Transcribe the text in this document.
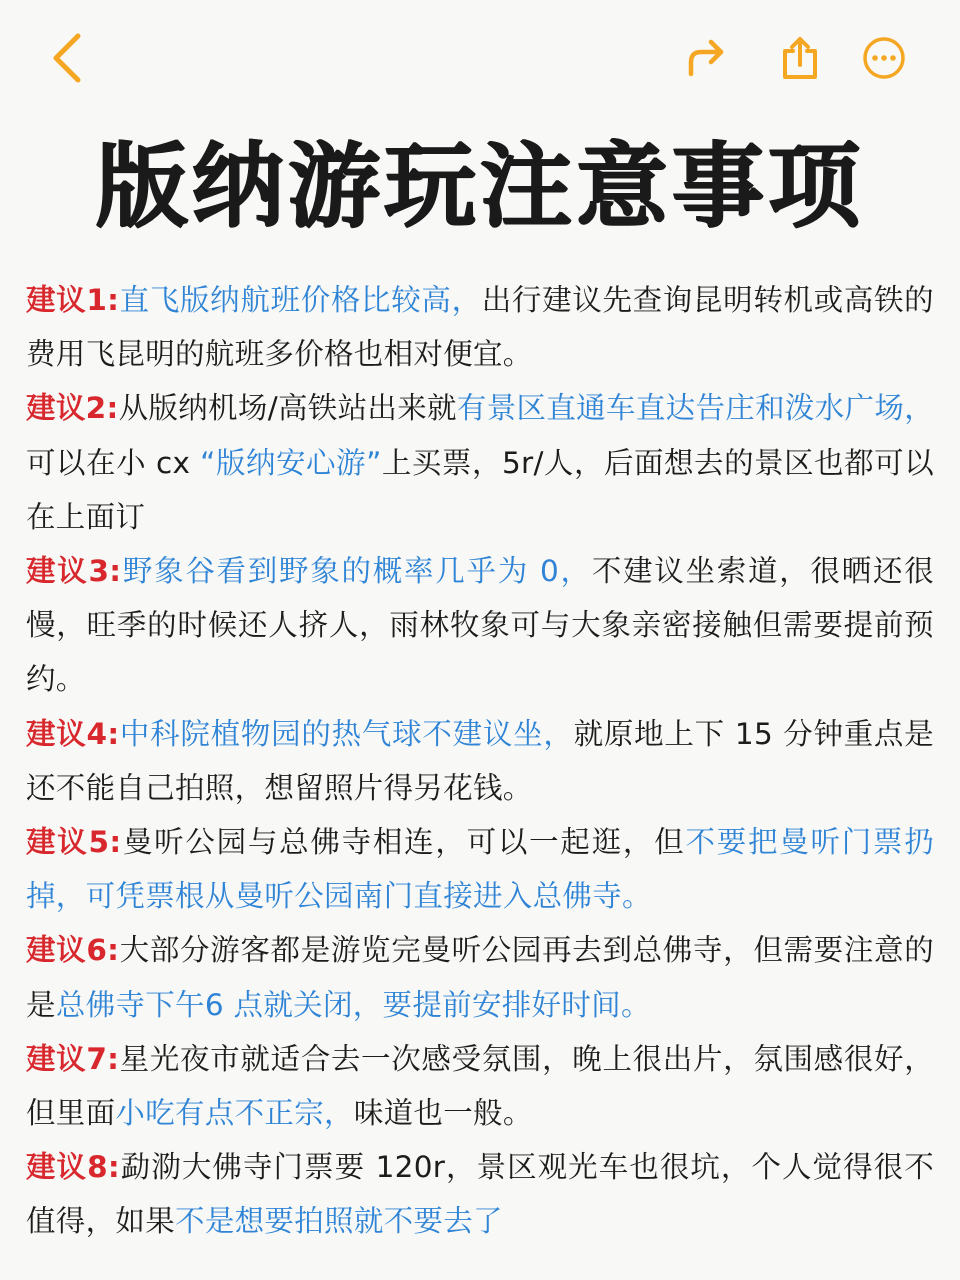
版纳游玩注意事项

建议1:直飞版纳航班价格比较高，出行建议先查询昆明转机或高铁的费用飞昆明的航班多价格也相对便宜。

建议2:从版纳机场/高铁站出来就有景区直通车直达告庄和泼水广场，可以在小 cx “版纳安心游”上买票，5r/人，后面想去的景区也都可以在上面订

建议3:野象谷看到野象的概率几乎为 0，不建议坐索道，很晒还很慢，旺季的时候还人挤人，雨林牧象可与大象亲密接触但需要提前预约。

建议4:中科院植物园的热气球不建议坐，就原地上下 15 分钟重点是还不能自己拍照，想留照片得另花钱。

建议5:曼听公园与总佛寺相连，可以一起逛，但不要把曼听门票扔掉，可凭票根从曼听公园南门直接进入总佛寺。

建议6:大部分游客都是游览完曼听公园再去到总佛寺，但需要注意的是总佛寺下午6 点就关闭，要提前安排好时间。

建议7:星光夜市就适合去一次感受氛围，晚上很出片，氛围感很好，但里面小吃有点不正宗，味道也一般。

建议8:勐泐大佛寺门票要 120r，景区观光车也很坑，个人觉得很不值得，如果不是想要拍照就不要去了
